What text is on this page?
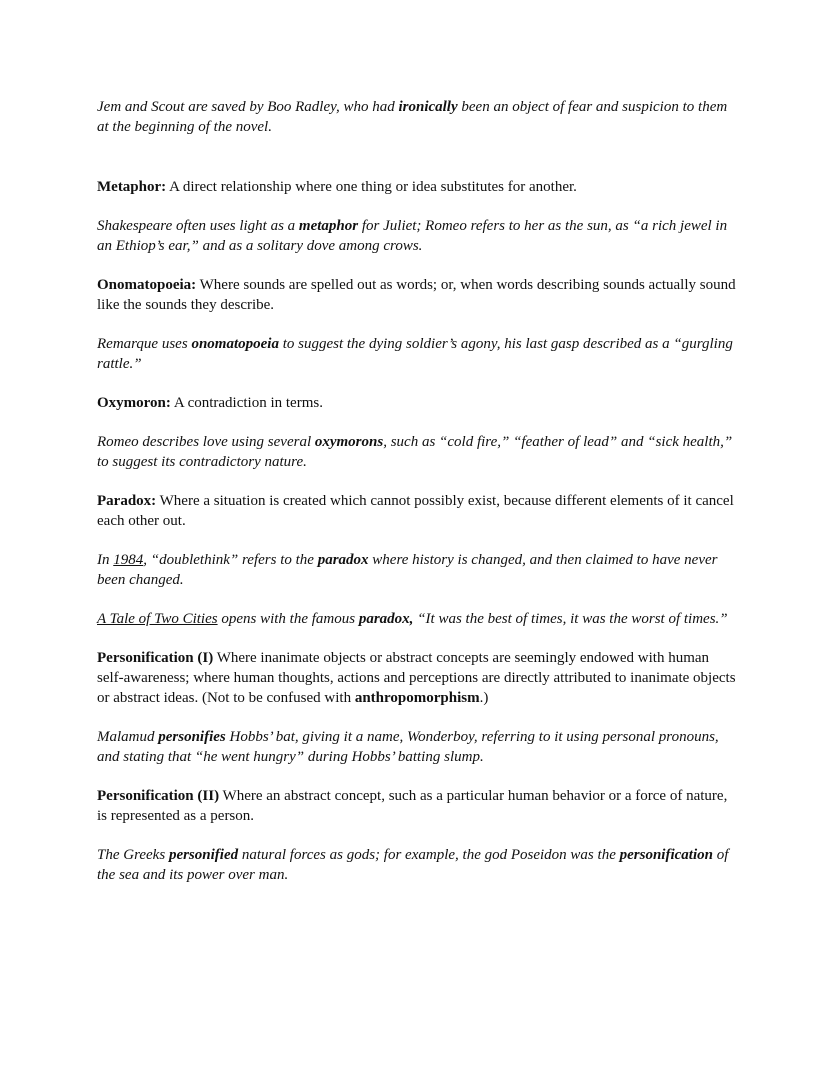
Jem and Scout are saved by Boo Radley, who had ironically been an object of fear and suspicion to them at the beginning of the novel.

Metaphor: A direct relationship where one thing or idea substitutes for another.

Shakespeare often uses light as a metaphor for Juliet; Romeo refers to her as the sun, as “a rich jewel in an Ethiop’s ear,” and as a solitary dove among crows.

Onomatopoeia: Where sounds are spelled out as words; or, when words describing sounds actually sound like the sounds they describe.

Remarque uses onomatopoeia to suggest the dying soldier’s agony, his last gasp described as a “gurgling rattle.”

Oxymoron: A contradiction in terms.

Romeo describes love using several oxymorons, such as “cold fire,” “feather of lead” and “sick health,” to suggest its contradictory nature.

Paradox: Where a situation is created which cannot possibly exist, because different elements of it cancel each other out.

In 1984, “doublethink” refers to the paradox where history is changed, and then claimed to have never been changed.

A Tale of Two Cities opens with the famous paradox, “It was the best of times, it was the worst of times.”

Personification (I) Where inanimate objects or abstract concepts are seemingly endowed with human self-awareness; where human thoughts, actions and perceptions are directly attributed to inanimate objects or abstract ideas. (Not to be confused with anthropomorphism.)

Malamud personifies Hobbs’ bat, giving it a name, Wonderboy, referring to it using personal pronouns, and stating that “he went hungry” during Hobbs’ batting slump.

Personification (II) Where an abstract concept, such as a particular human behavior or a force of nature, is represented as a person.

The Greeks personified natural forces as gods; for example, the god Poseidon was the personification of the sea and its power over man.
